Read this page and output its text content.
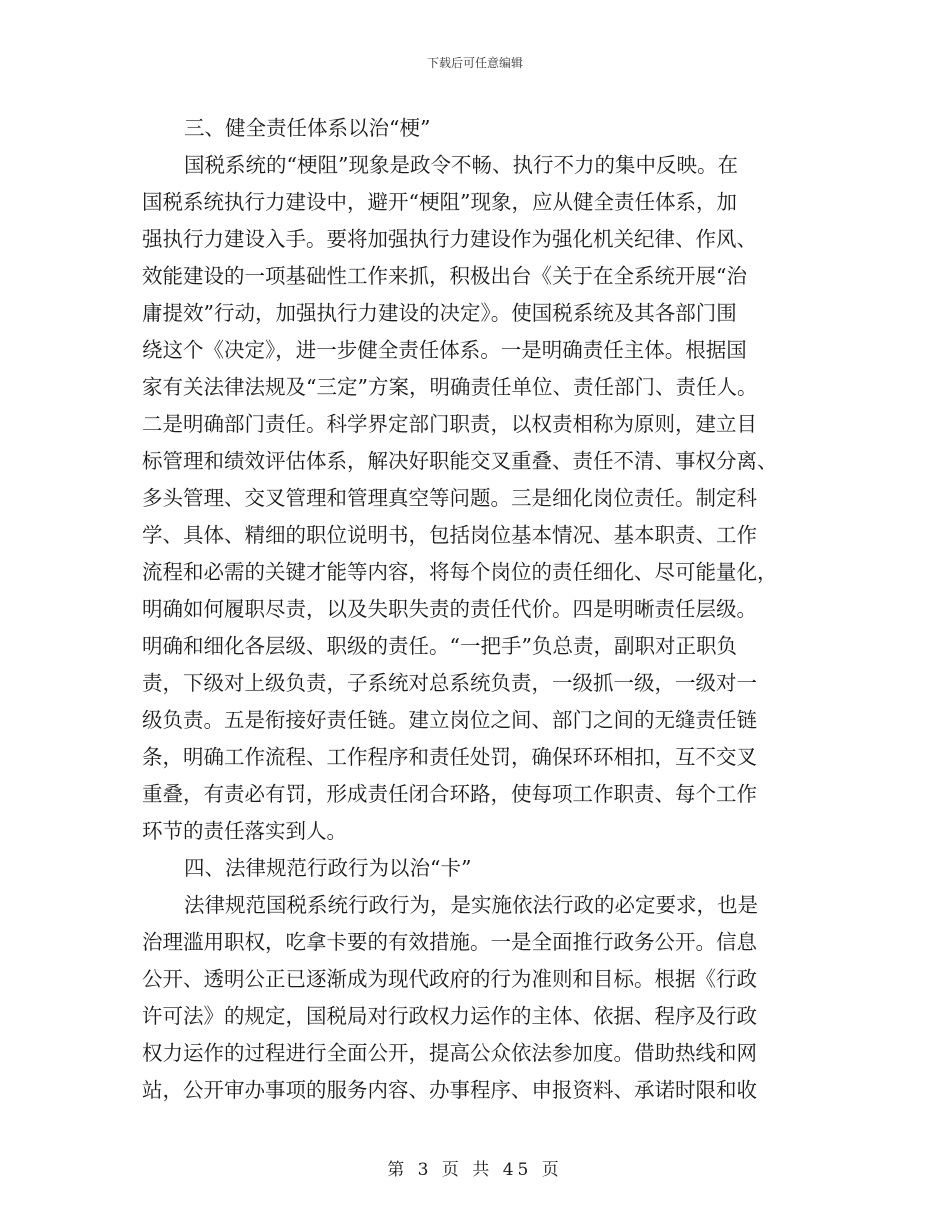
下载后可任意编辑
三、健全责任体系以治“梗”
国税系统的“梗阻”现象是政令不畅、执行不力的集中反映。在
国税系统执行力建设中，避开“梗阻”现象，应从健全责任体系，加
强执行力建设入手。要将加强执行力建设作为强化机关纪律、作风、
效能建设的一项基础性工作来抓，积极出台《关于在全系统开展“治
庸提效”行动，加强执行力建设的决定》。使国税系统及其各部门围
绕这个《决定》，进一步健全责任体系。一是明确责任主体。根据国
家有关法律法规及“三定”方案，明确责任单位、责任部门、责任人。
二是明确部门责任。科学界定部门职责，以权责相称为原则，建立目
标管理和绩效评估体系，解决好职能交叉重叠、责任不清、事权分离、
多头管理、交叉管理和管理真空等问题。三是细化岗位责任。制定科
学、具体、精细的职位说明书，包括岗位基本情况、基本职责、工作
流程和必需的关键才能等内容，将每个岗位的责任细化、尽可能量化，
明确如何履职尽责，以及失职失责的责任代价。四是明晰责任层级。
明确和细化各层级、职级的责任。“一把手”负总责，副职对正职负
责，下级对上级负责，子系统对总系统负责，一级抓一级，一级对一
级负责。五是衔接好责任链。建立岗位之间、部门之间的无缝责任链
条，明确工作流程、工作程序和责任处罚，确保环环相扣，互不交叉
重叠，有责必有罚，形成责任闭合环路，使每项工作职责、每个工作
环节的责任落实到人。
四、法律规范行政行为以治“卡”
法律规范国税系统行政行为，是实施依法行政的必定要求，也是
治理滥用职权，吃拿卡要的有效措施。一是全面推行政务公开。信息
公开、透明公正已逐渐成为现代政府的行为准则和目标。根据《行政
许可法》的规定，国税局对行政权力运作的主体、依据、程序及行政
权力运作的过程进行全面公开，提高公众依法参加度。借助热线和网
站，公开审办事项的服务内容、办事程序、申报资料、承诺时限和收
第 3 页 共 45 页
